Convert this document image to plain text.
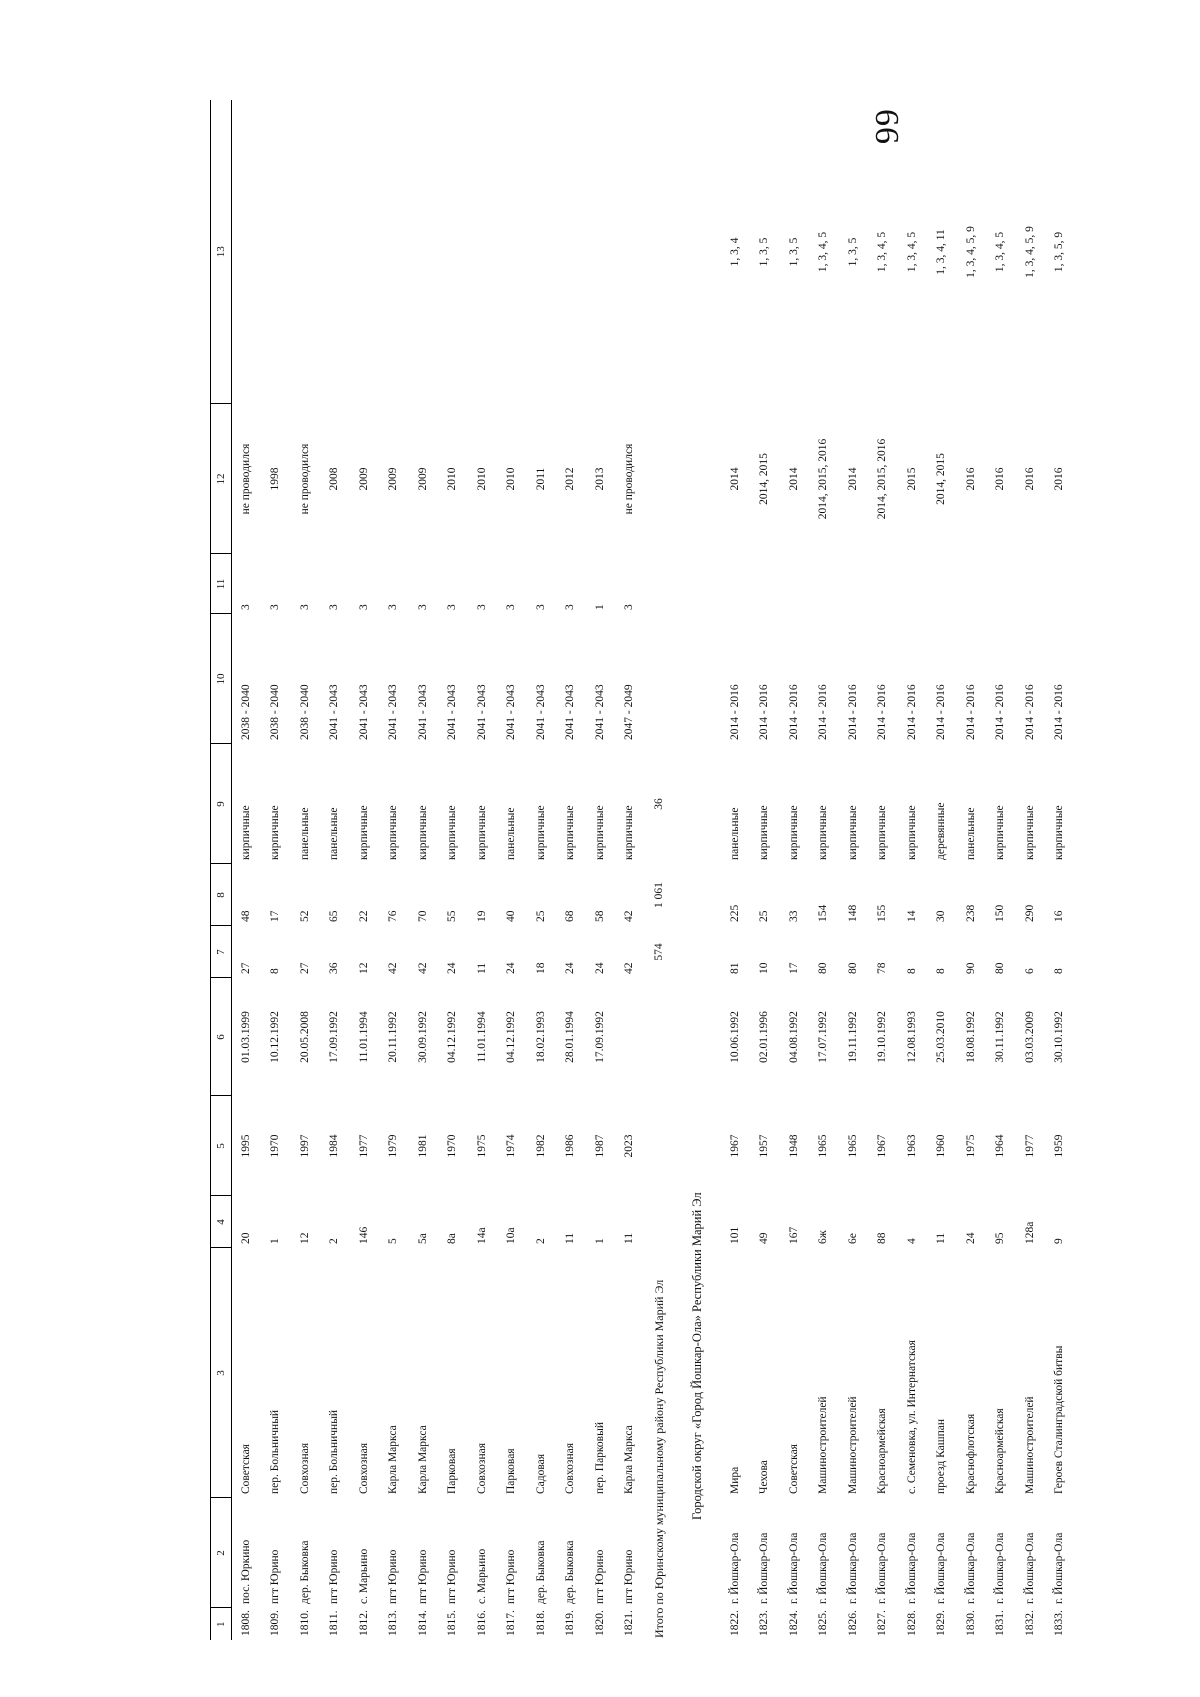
66
1	2	3	4	5	6	7	8	9	10	11	12	13
1808.	пос. Юркино	Советская	20	1995	01.03.1999	27	48	кирпичные	2038 - 2040	3	не проводился	
1809.	пгт Юрино	пер. Больничный	1	1970	10.12.1992	8	17	кирпичные	2038 - 2040	3	1998	
1810.	дер. Быковка	Совхозная	12	1997	20.05.2008	27	52	панельные	2038 - 2040	3	не проводился	
1811.	пгт Юрино	пер. Больничный	2	1984	17.09.1992	36	65	панельные	2041 - 2043	3	2008	
1812.	с. Марьино	Совхозная	146	1977	11.01.1994	12	22	кирпичные	2041 - 2043	3	2009	
1813.	пгт Юрино	Карла Маркса	5	1979	20.11.1992	42	76	кирпичные	2041 - 2043	3	2009	
1814.	пгт Юрино	Карла Маркса	5а	1981	30.09.1992	42	70	кирпичные	2041 - 2043	3	2009	
1815.	пгт Юрино	Парковая	8а	1970	04.12.1992	24	55	кирпичные	2041 - 2043	3	2010	
1816.	с. Марьино	Совхозная	14а	1975	11.01.1994	11	19	кирпичные	2041 - 2043	3	2010	
1817.	пгт Юрино	Парковая	10а	1974	04.12.1992	24	40	панельные	2041 - 2043	3	2010	
1818.	дер. Быковка	Садовая	2	1982	18.02.1993	18	25	кирпичные	2041 - 2043	3	2011	
1819.	дер. Быковка	Совхозная	11	1986	28.01.1994	24	68	кирпичные	2041 - 2043	3	2012	
1820.	пгт Юрино	пер. Парковый	1	1987	17.09.1992	24	58	кирпичные	2041 - 2043	1	2013	
1821.	пгт Юрино	Карла Маркса	11	2023		42	42	кирпичные	2047 - 2049	3	не проводился	
Итого по Юринскому муниципальному району Республики Марий Эл						574	1 061	36				
Городской округ «Город Йошкар-Ола» Республики Марий Эл												
1822.	г. Йошкар-Ола	Мира	101	1967	10.06.1992	81	225	панельные	2014 - 2016		2014	1, 3, 4
1823.	г. Йошкар-Ола	Чехова	49	1957	02.01.1996	10	25	кирпичные	2014 - 2016		2014, 2015	1, 3, 5
1824.	г. Йошкар-Ола	Советская	167	1948	04.08.1992	17	33	кирпичные	2014 - 2016		2014	1, 3, 5
1825.	г. Йошкар-Ола	Машиностроителей	6ж	1965	17.07.1992	80	154	кирпичные	2014 - 2016		2014, 2015, 2016	1, 3, 4, 5
1826.	г. Йошкар-Ола	Машиностроителей	6е	1965	19.11.1992	80	148	кирпичные	2014 - 2016		2014	1, 3, 5
1827.	г. Йошкар-Ола	Красноармейская	88	1967	19.10.1992	78	155	кирпичные	2014 - 2016		2014, 2015, 2016	1, 3, 4, 5
1828.	г. Йошкар-Ола	с. Семеновка, ул. Интернатская	4	1963	12.08.1993	8	14	кирпичные	2014 - 2016		2015	1, 3, 4, 5
1829.	г. Йошкар-Ола	проезд Кашпан	11	1960	25.03.2010	8	30	деревянные	2014 - 2016		2014, 2015	1, 3, 4, 11
1830.	г. Йошкар-Ола	Краснофлотская	24	1975	18.08.1992	90	238	панельные	2014 - 2016		2016	1, 3, 4, 5, 9
1831.	г. Йошкар-Ола	Красноармейская	95	1964	30.11.1992	80	150	кирпичные	2014 - 2016		2016	1, 3, 4, 5
1832.	г. Йошкар-Ола	Машиностроителей	128а	1977	03.03.2009	6	290	кирпичные	2014 - 2016		2016	1, 3, 4, 5, 9
1833.	г. Йошкар-Ола	Героев Сталинградской битвы	9	1959	30.10.1992	8	16	кирпичные	2014 - 2016		2016	1, 3, 5, 9
